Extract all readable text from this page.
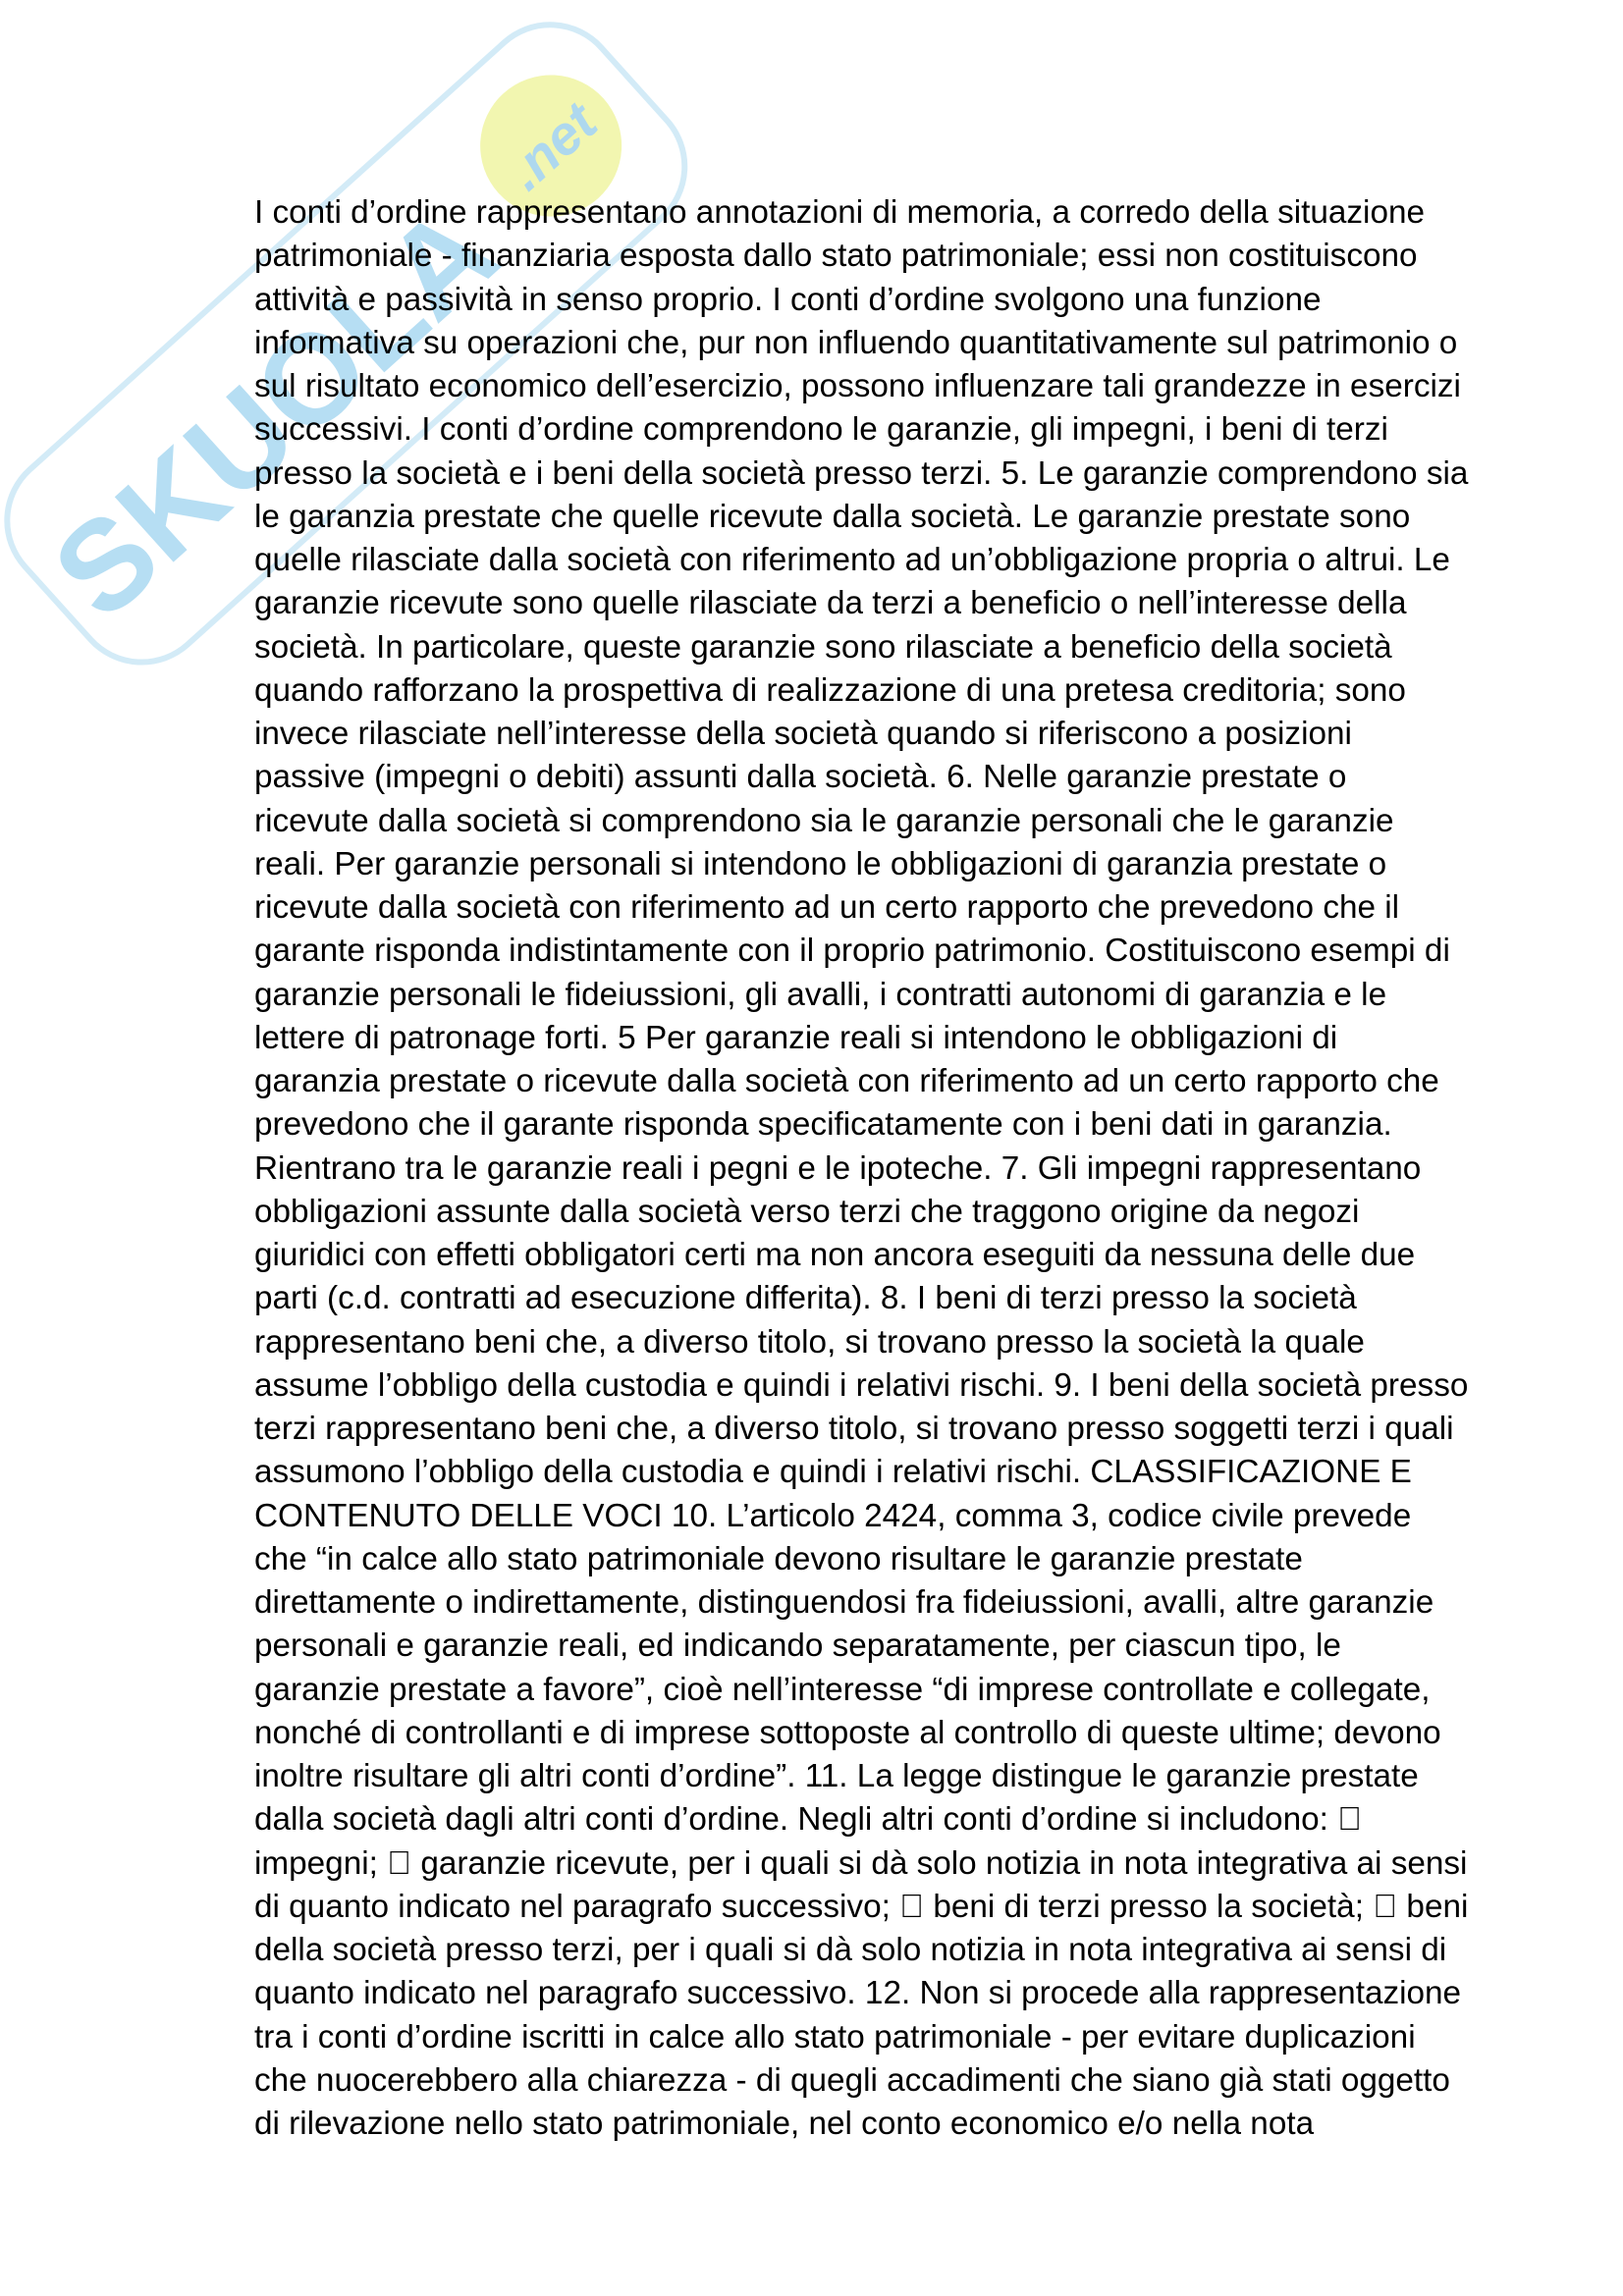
SKUOLA
.net
I conti d’ordine rappresentano annotazioni di memoria, a corredo della situazione
patrimoniale - finanziaria esposta dallo stato patrimoniale; essi non costituiscono
attività e passività in senso proprio. I conti d’ordine svolgono una funzione
informativa su operazioni che, pur non influendo quantitativamente sul patrimonio o
sul risultato economico dell’esercizio, possono influenzare tali grandezze in esercizi
successivi. I conti d’ordine comprendono le garanzie, gli impegni, i beni di terzi
presso la società e i beni della società presso terzi. 5. Le garanzie comprendono sia
le garanzia prestate che quelle ricevute dalla società. Le garanzie prestate sono
quelle rilasciate dalla società con riferimento ad un’obbligazione propria o altrui. Le
garanzie ricevute sono quelle rilasciate da terzi a beneficio o nell’interesse della
società. In particolare, queste garanzie sono rilasciate a beneficio della società
quando rafforzano la prospettiva di realizzazione di una pretesa creditoria; sono
invece rilasciate nell’interesse della società quando si riferiscono a posizioni
passive (impegni o debiti) assunti dalla società. 6. Nelle garanzie prestate o
ricevute dalla società si comprendono sia le garanzie personali che le garanzie
reali. Per garanzie personali si intendono le obbligazioni di garanzia prestate o
ricevute dalla società con riferimento ad un certo rapporto che prevedono che il
garante risponda indistintamente con il proprio patrimonio. Costituiscono esempi di
garanzie personali le fideiussioni, gli avalli, i contratti autonomi di garanzia e le
lettere di patronage forti. 5 Per garanzie reali si intendono le obbligazioni di
garanzia prestate o ricevute dalla società con riferimento ad un certo rapporto che
prevedono che il garante risponda specificatamente con i beni dati in garanzia.
Rientrano tra le garanzie reali i pegni e le ipoteche. 7. Gli impegni rappresentano
obbligazioni assunte dalla società verso terzi che traggono origine da negozi
giuridici con effetti obbligatori certi ma non ancora eseguiti da nessuna delle due
parti (c.d. contratti ad esecuzione differita). 8. I beni di terzi presso la società
rappresentano beni che, a diverso titolo, si trovano presso la società la quale
assume l’obbligo della custodia e quindi i relativi rischi. 9. I beni della società presso
terzi rappresentano beni che, a diverso titolo, si trovano presso soggetti terzi i quali
assumono l’obbligo della custodia e quindi i relativi rischi. CLASSIFICAZIONE E
CONTENUTO DELLE VOCI 10. L’articolo 2424, comma 3, codice civile prevede
che “in calce allo stato patrimoniale devono risultare le garanzie prestate
direttamente o indirettamente, distinguendosi fra fideiussioni, avalli, altre garanzie
personali e garanzie reali, ed indicando separatamente, per ciascun tipo, le
garanzie prestate a favore”, cioè nell’interesse “di imprese controllate e collegate,
nonché di controllanti e di imprese sottoposte al controllo di queste ultime; devono
inoltre risultare gli altri conti d’ordine”. 11. La legge distingue le garanzie prestate
dalla società dagli altri conti d’ordine. Negli altri conti d’ordine si includono:
impegni;   garanzie ricevute, per i quali si dà solo notizia in nota integrativa ai sensi
di quanto indicato nel paragrafo successivo;   beni di terzi presso la società;   beni
della società presso terzi, per i quali si dà solo notizia in nota integrativa ai sensi di
quanto indicato nel paragrafo successivo. 12. Non si procede alla rappresentazione
tra i conti d’ordine iscritti in calce allo stato patrimoniale - per evitare duplicazioni
che nuocerebbero alla chiarezza - di quegli accadimenti che siano già stati oggetto
di rilevazione nello stato patrimoniale, nel conto economico e/o nella nota
